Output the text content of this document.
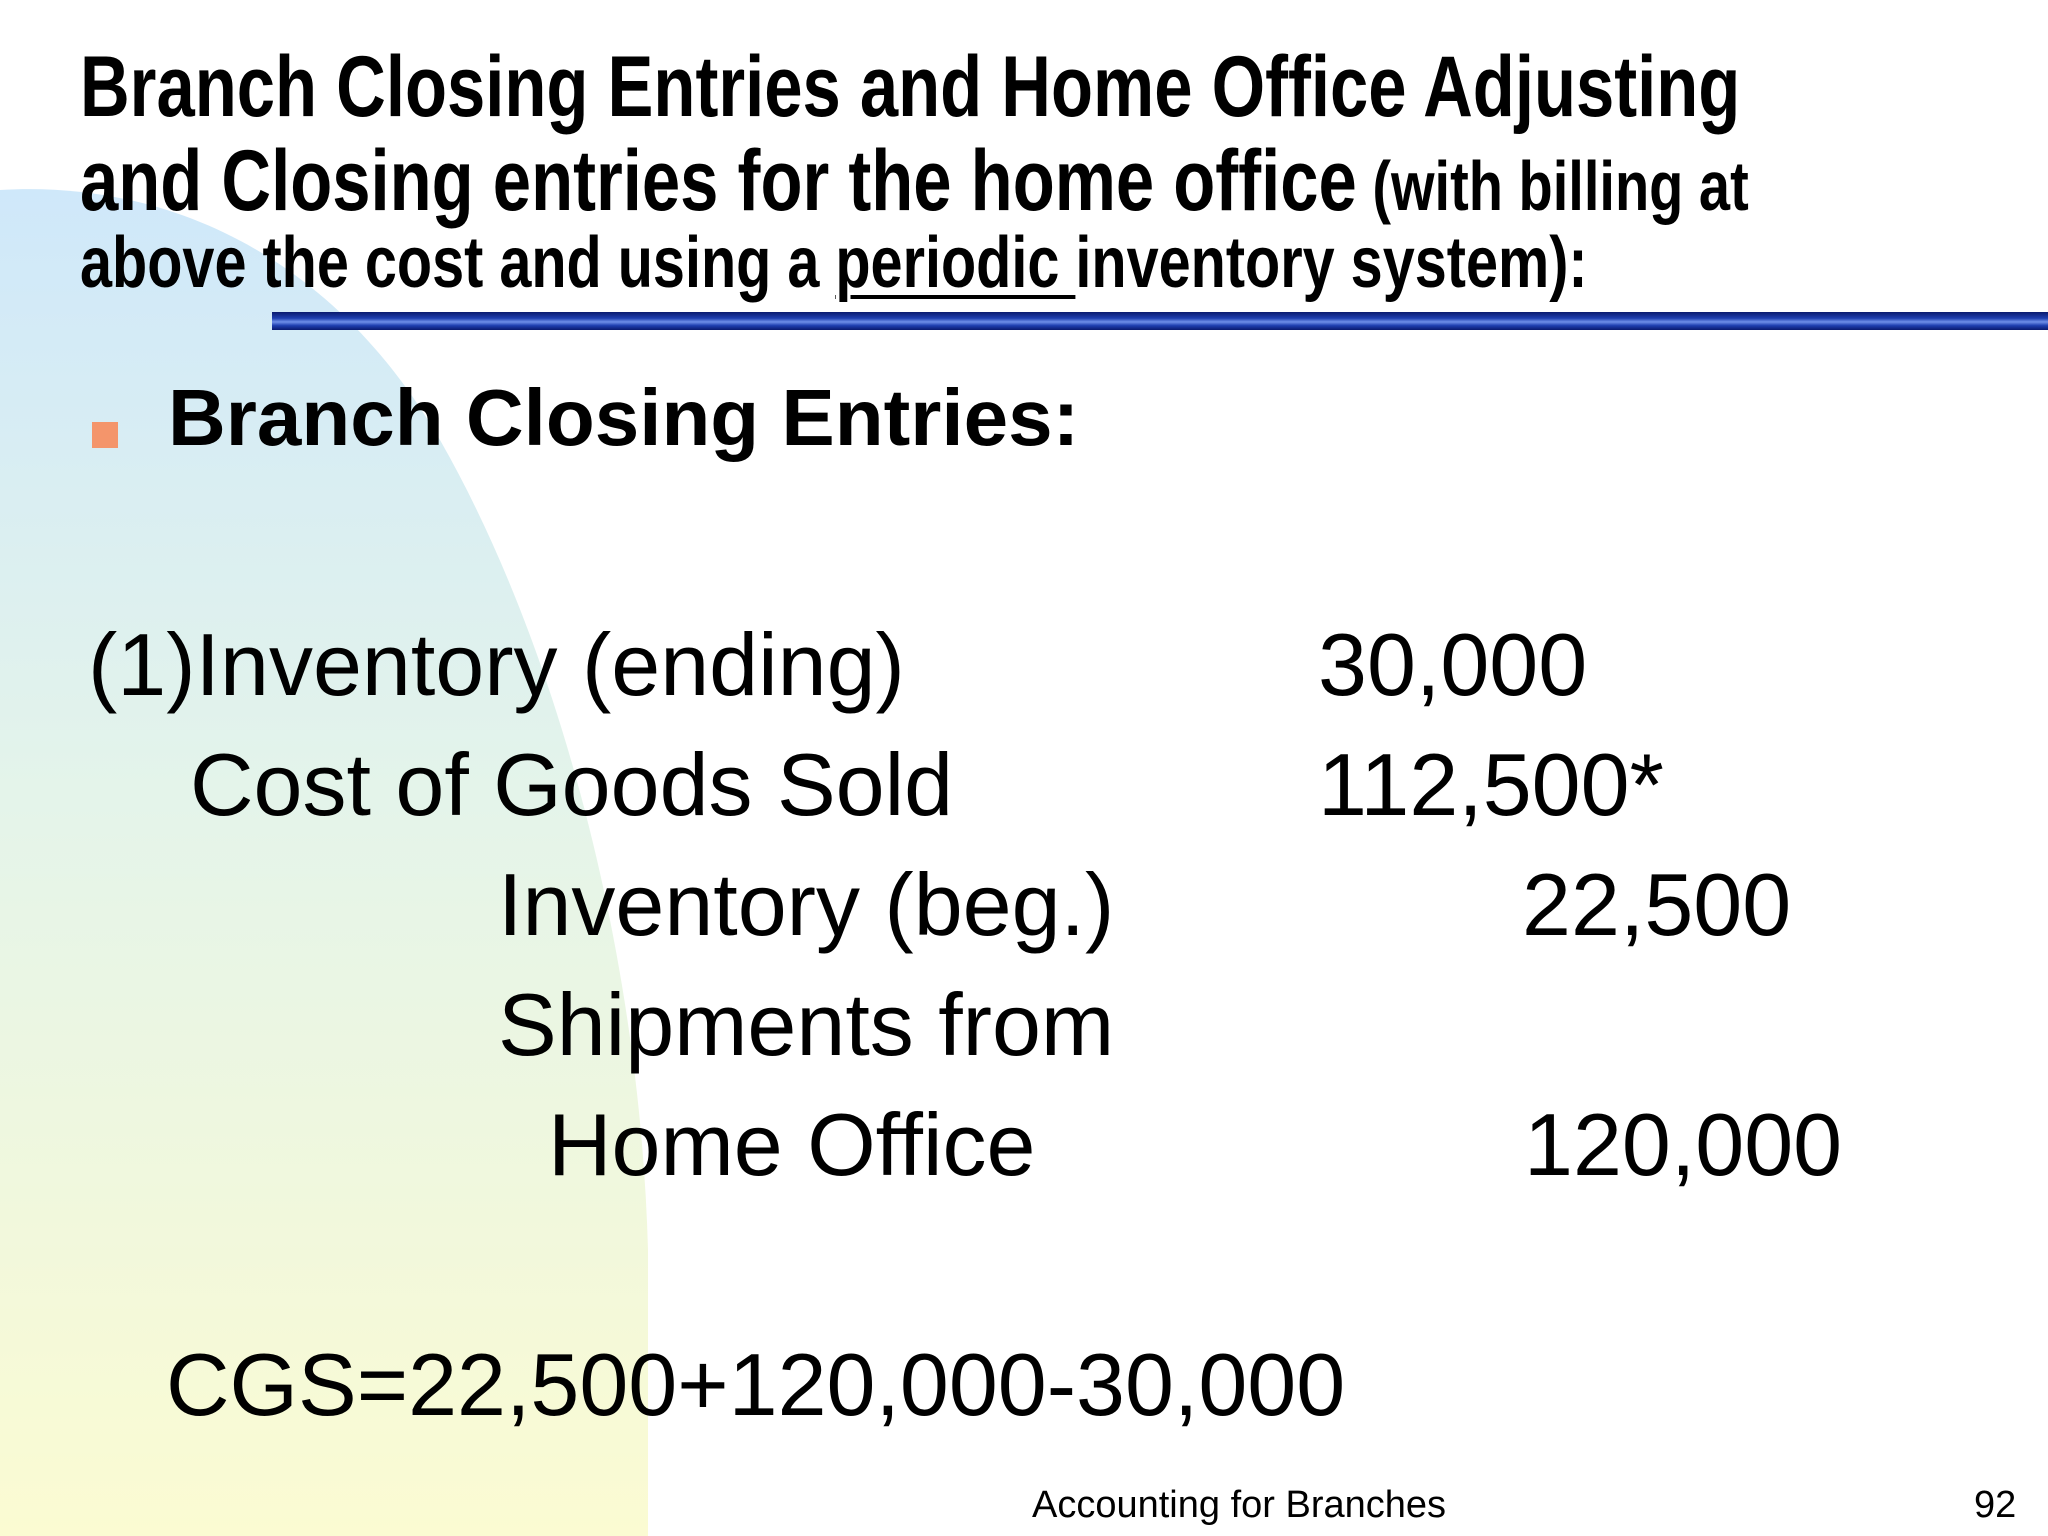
Branch Closing Entries and Home Office Adjusting
and Closing entries for the home office (with billing at
above the cost and using a periodic inventory system):
Branch Closing Entries:
(1)Inventory (ending)	30,000
Cost of Goods Sold	112,500*
Inventory (beg.)	22,500
Shipments from
Home Office	120,000
CGS=22,500+120,000-30,000
Accounting for Branches	92
